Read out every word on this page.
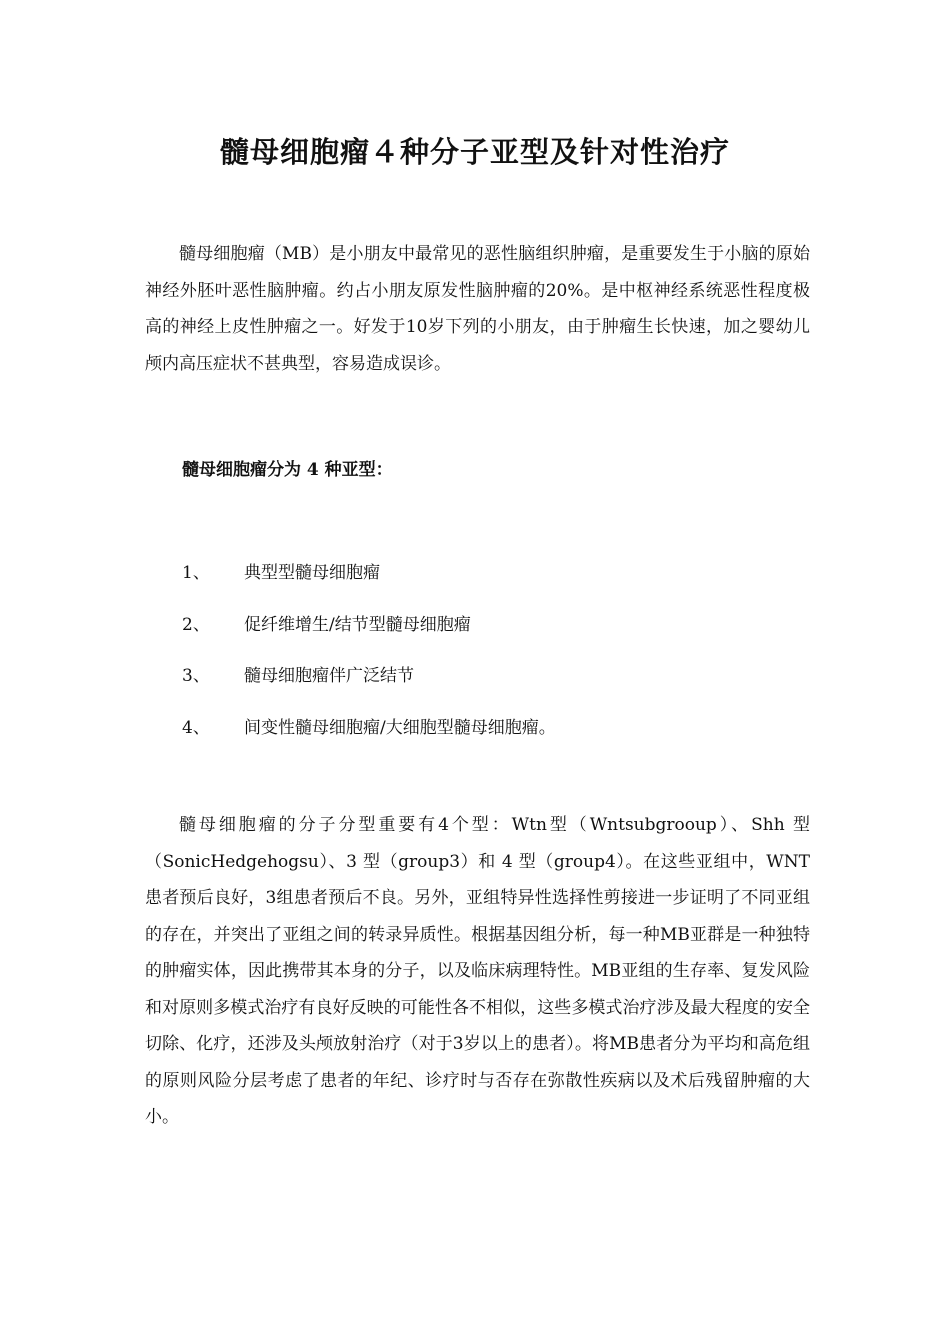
髓母细胞瘤４种分子亚型及针对性治疗

髓母细胞瘤（MB）是小朋友中最常见的恶性脑组织肿瘤，是重要发生于小脑的原始神经外胚叶恶性脑肿瘤。约占小朋友原发性脑肿瘤的20%。是中枢神经系统恶性程度极高的神经上皮性肿瘤之一。好发于10岁下列的小朋友，由于肿瘤生长快速，加之婴幼儿颅内高压症状不甚典型，容易造成误诊。

髓母细胞瘤分为 4 种亚型：

1、	典型型髓母细胞瘤
2、	促纤维增生/结节型髓母细胞瘤
3、	髓母细胞瘤伴广泛结节
4、	间变性髓母细胞瘤/大细胞型髓母细胞瘤。

髓母细胞瘤的分子分型重要有4个型：Wtn型（Wntsubgrooup）、Shh 型（SonicHedgehogsu）、3 型（group3）和 4 型（group4）。在这些亚组中，WNT患者预后良好，3组患者预后不良。另外，亚组特异性选择性剪接进一步证明了不同亚组的存在，并突出了亚组之间的转录异质性。根据基因组分析，每一种MB亚群是一种独特的肿瘤实体，因此携带其本身的分子，以及临床病理特性。MB亚组的生存率、复发风险和对原则多模式治疗有良好反映的可能性各不相似，这些多模式治疗涉及最大程度的安全切除、化疗，还涉及头颅放射治疗（对于3岁以上的患者）。将MB患者分为平均和高危组的原则风险分层考虑了患者的年纪、诊疗时与否存在弥散性疾病以及术后残留肿瘤的大小。
